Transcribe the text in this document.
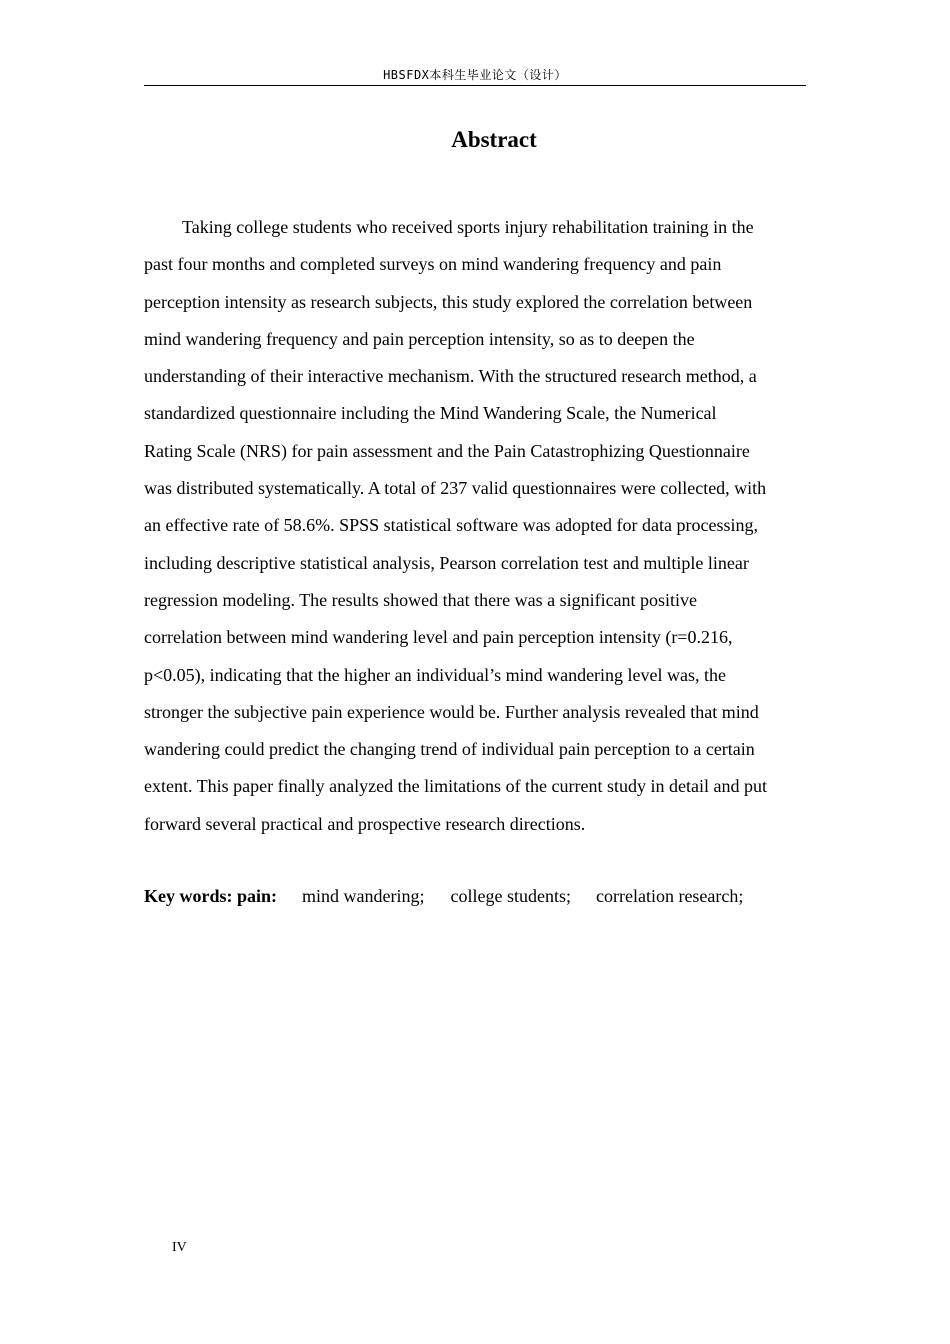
HBSFDX本科生毕业论文（设计）
Abstract
Taking college students who received sports injury rehabilitation training in the
past four months and completed surveys on mind wandering frequency and pain
perception intensity as research subjects, this study explored the correlation between
mind wandering frequency and pain perception intensity, so as to deepen the
understanding of their interactive mechanism. With the structured research method, a
standardized questionnaire including the Mind Wandering Scale, the Numerical
Rating Scale (NRS) for pain assessment and the Pain Catastrophizing Questionnaire
was distributed systematically. A total of 237 valid questionnaires were collected, with
an effective rate of 58.6%. SPSS statistical software was adopted for data processing,
including descriptive statistical analysis, Pearson correlation test and multiple linear
regression modeling. The results showed that there was a significant positive
correlation between mind wandering level and pain perception intensity (r=0.216,
p<0.05), indicating that the higher an individual’s mind wandering level was, the
stronger the subjective pain experience would be. Further analysis revealed that mind
wandering could predict the changing trend of individual pain perception to a certain
extent. This paper finally analyzed the limitations of the current study in detail and put
forward several practical and prospective research directions.
Key words: pain: mind wandering; college students; correlation research;
IV
